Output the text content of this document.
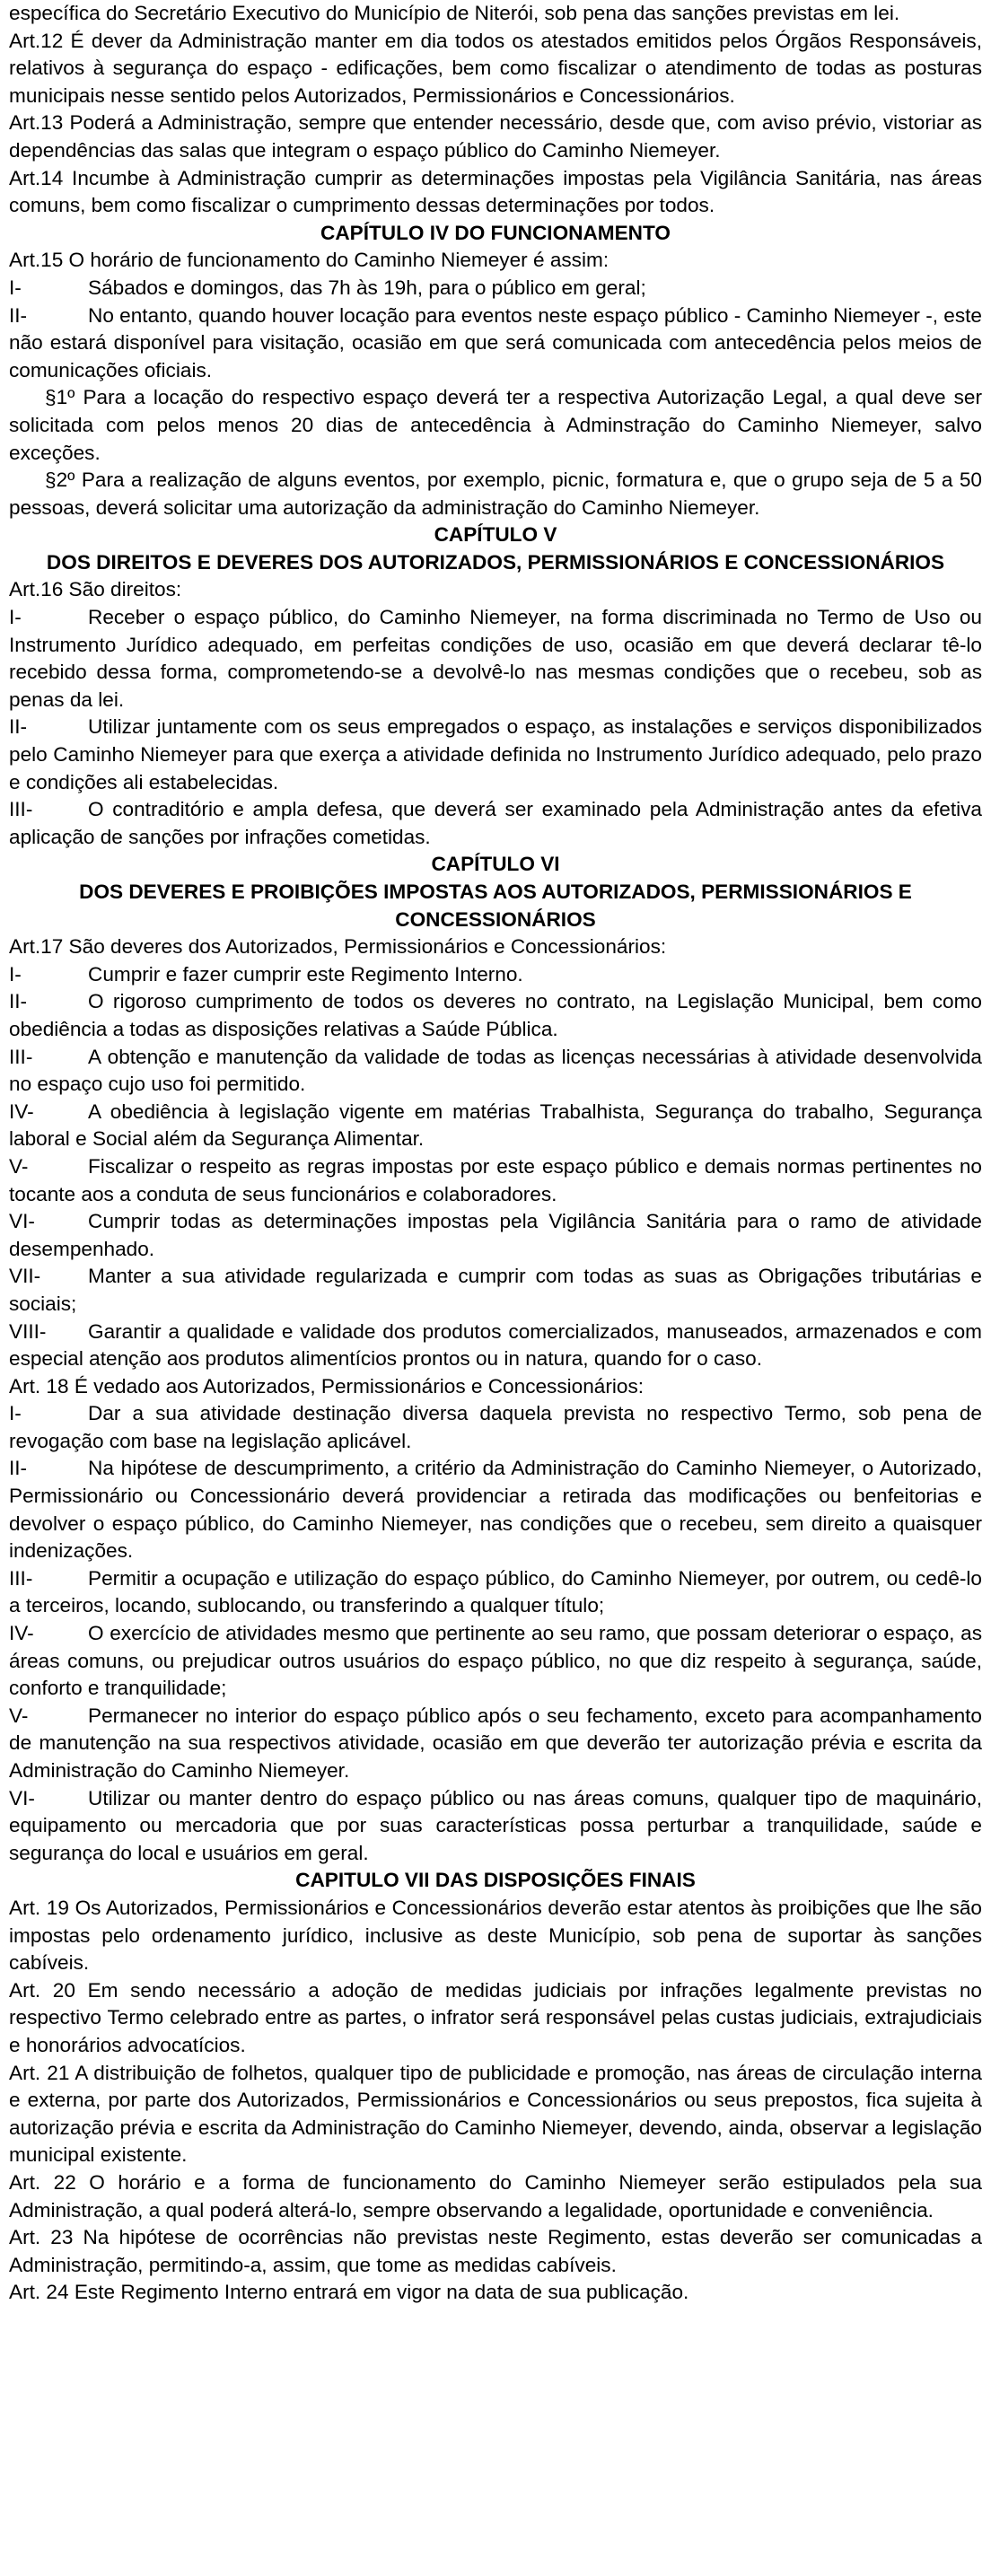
específica do Secretário Executivo do Município de Niterói, sob pena das sanções previstas em lei.

Art.12 É dever da Administração manter em dia todos os atestados emitidos pelos Órgãos Responsáveis, relativos à segurança do espaço - edificações, bem como fiscalizar o atendimento de todas as posturas municipais nesse sentido pelos Autorizados, Permissionários e Concessionários.

Art.13 Poderá a Administração, sempre que entender necessário, desde que, com aviso prévio, vistoriar as dependências das salas que integram o espaço público do Caminho Niemeyer.

Art.14 Incumbe à Administração cumprir as determinações impostas pela Vigilância Sanitária, nas áreas comuns, bem como fiscalizar o cumprimento dessas determinações por todos.

CAPÍTULO IV DO FUNCIONAMENTO

Art.15 O horário de funcionamento do Caminho Niemeyer é assim:

I-	Sábados e domingos, das 7h às 19h, para o público em geral;
II-	No entanto, quando houver locação para eventos neste espaço público - Caminho Niemeyer -, este não estará disponível para visitação, ocasião em que será comunicada com antecedência pelos meios de comunicações oficiais.

§1º Para a locação do respectivo espaço deverá ter a respectiva Autorização Legal, a qual deve ser solicitada com pelos menos 20 dias de antecedência à Adminstração do Caminho Niemeyer, salvo exceções.

§2º Para a realização de alguns eventos, por exemplo, picnic, formatura e, que o grupo seja de 5 a 50 pessoas, deverá solicitar uma autorização da administração do Caminho Niemeyer.

CAPÍTULO V

DOS DIREITOS E DEVERES DOS AUTORIZADOS, PERMISSIONÁRIOS E CONCESSIONÁRIOS

Art.16 São direitos:

I-	Receber o espaço público, do Caminho Niemeyer, na forma discriminada no Termo de Uso ou Instrumento Jurídico adequado, em perfeitas condições de uso, ocasião em que deverá declarar tê-lo recebido dessa forma, comprometendo-se a devolvê-lo nas mesmas condições que o recebeu, sob as penas da lei.
II-	Utilizar juntamente com os seus empregados o espaço, as instalações e serviços disponibilizados pelo Caminho Niemeyer para que exerça a atividade definida no Instrumento Jurídico adequado, pelo prazo e condições ali estabelecidas.
III-	O contraditório e ampla defesa, que deverá ser examinado pela Administração antes da efetiva aplicação de sanções por infrações cometidas.

CAPÍTULO VI

DOS DEVERES E PROIBIÇÕES IMPOSTAS AOS AUTORIZADOS, PERMISSIONÁRIOS E CONCESSIONÁRIOS

Art.17 São deveres dos Autorizados, Permissionários e Concessionários:

I-	Cumprir e fazer cumprir este Regimento Interno.
II-	O rigoroso cumprimento de todos os deveres no contrato, na Legislação Municipal, bem como obediência a todas as disposições relativas a Saúde Pública.
III-	A obtenção e manutenção da validade de todas as licenças necessárias à atividade desenvolvida no espaço cujo uso foi permitido.
IV-	A obediência à legislação vigente em matérias Trabalhista, Segurança do trabalho, Segurança laboral e Social além da Segurança Alimentar.
V-	Fiscalizar o respeito as regras impostas por este espaço público e demais normas pertinentes no tocante aos a conduta de seus funcionários e colaboradores.
VI-	Cumprir todas as determinações impostas pela Vigilância Sanitária para o ramo de atividade desempenhado.
VII- Manter a sua atividade regularizada e cumprir com todas as suas as Obrigações tributárias e sociais;
VIII- Garantir a qualidade e validade dos produtos comercializados, manuseados, armazenados e com especial atenção aos produtos alimentícios prontos ou in natura, quando for o caso.

Art. 18 É vedado aos Autorizados, Permissionários e Concessionários:

I-	Dar a sua atividade destinação diversa daquela prevista no respectivo Termo, sob pena de revogação com base na legislação aplicável.
II-	Na hipótese de descumprimento, a critério da Administração do Caminho Niemeyer, o Autorizado, Permissionário ou Concessionário deverá providenciar a retirada das modificações ou benfeitorias e devolver o espaço público, do Caminho Niemeyer, nas condições que o recebeu, sem direito a quaisquer indenizações.
III-	Permitir a ocupação e utilização do espaço público, do Caminho Niemeyer, por outrem, ou cedê-lo a terceiros, locando, sublocando, ou transferindo a qualquer título;
IV-	O exercício de atividades mesmo que pertinente ao seu ramo, que possam deteriorar o espaço, as áreas comuns, ou prejudicar outros usuários do espaço público, no que diz respeito à segurança, saúde, conforto e tranquilidade;
V-	Permanecer no interior do espaço público após o seu fechamento, exceto para acompanhamento de manutenção na sua respectivos atividade, ocasião em que deverão ter autorização prévia e escrita da Administração do Caminho Niemeyer.
VI-	Utilizar ou manter dentro do espaço público ou nas áreas comuns, qualquer tipo de maquinário, equipamento ou mercadoria que por suas características possa perturbar a tranquilidade, saúde e segurança do local e usuários em geral.

CAPITULO VII DAS DISPOSIÇÕES FINAIS

Art. 19 Os Autorizados, Permissionários e Concessionários deverão estar atentos às proibições que lhe são impostas pelo ordenamento jurídico, inclusive as deste Município, sob pena de suportar às sanções cabíveis.

Art. 20 Em sendo necessário a adoção de medidas judiciais por infrações legalmente previstas no respectivo Termo celebrado entre as partes, o infrator será responsável pelas custas judiciais, extrajudiciais e honorários advocatícios.

Art. 21 A distribuição de folhetos, qualquer tipo de publicidade e promoção, nas áreas de circulação interna e externa, por parte dos Autorizados, Permissionários e Concessionários ou seus prepostos, fica sujeita à autorização prévia e escrita da Administração do Caminho Niemeyer, devendo, ainda, observar a legislação municipal existente.

Art. 22 O horário e a forma de funcionamento do Caminho Niemeyer serão estipulados pela sua Administração, a qual poderá alterá-lo, sempre observando a legalidade, oportunidade e conveniência.

Art. 23 Na hipótese de ocorrências não previstas neste Regimento, estas deverão ser comunicadas a Administração, permitindo-a, assim, que tome as medidas cabíveis.

Art. 24 Este Regimento Interno entrará em vigor na data de sua publicação.
